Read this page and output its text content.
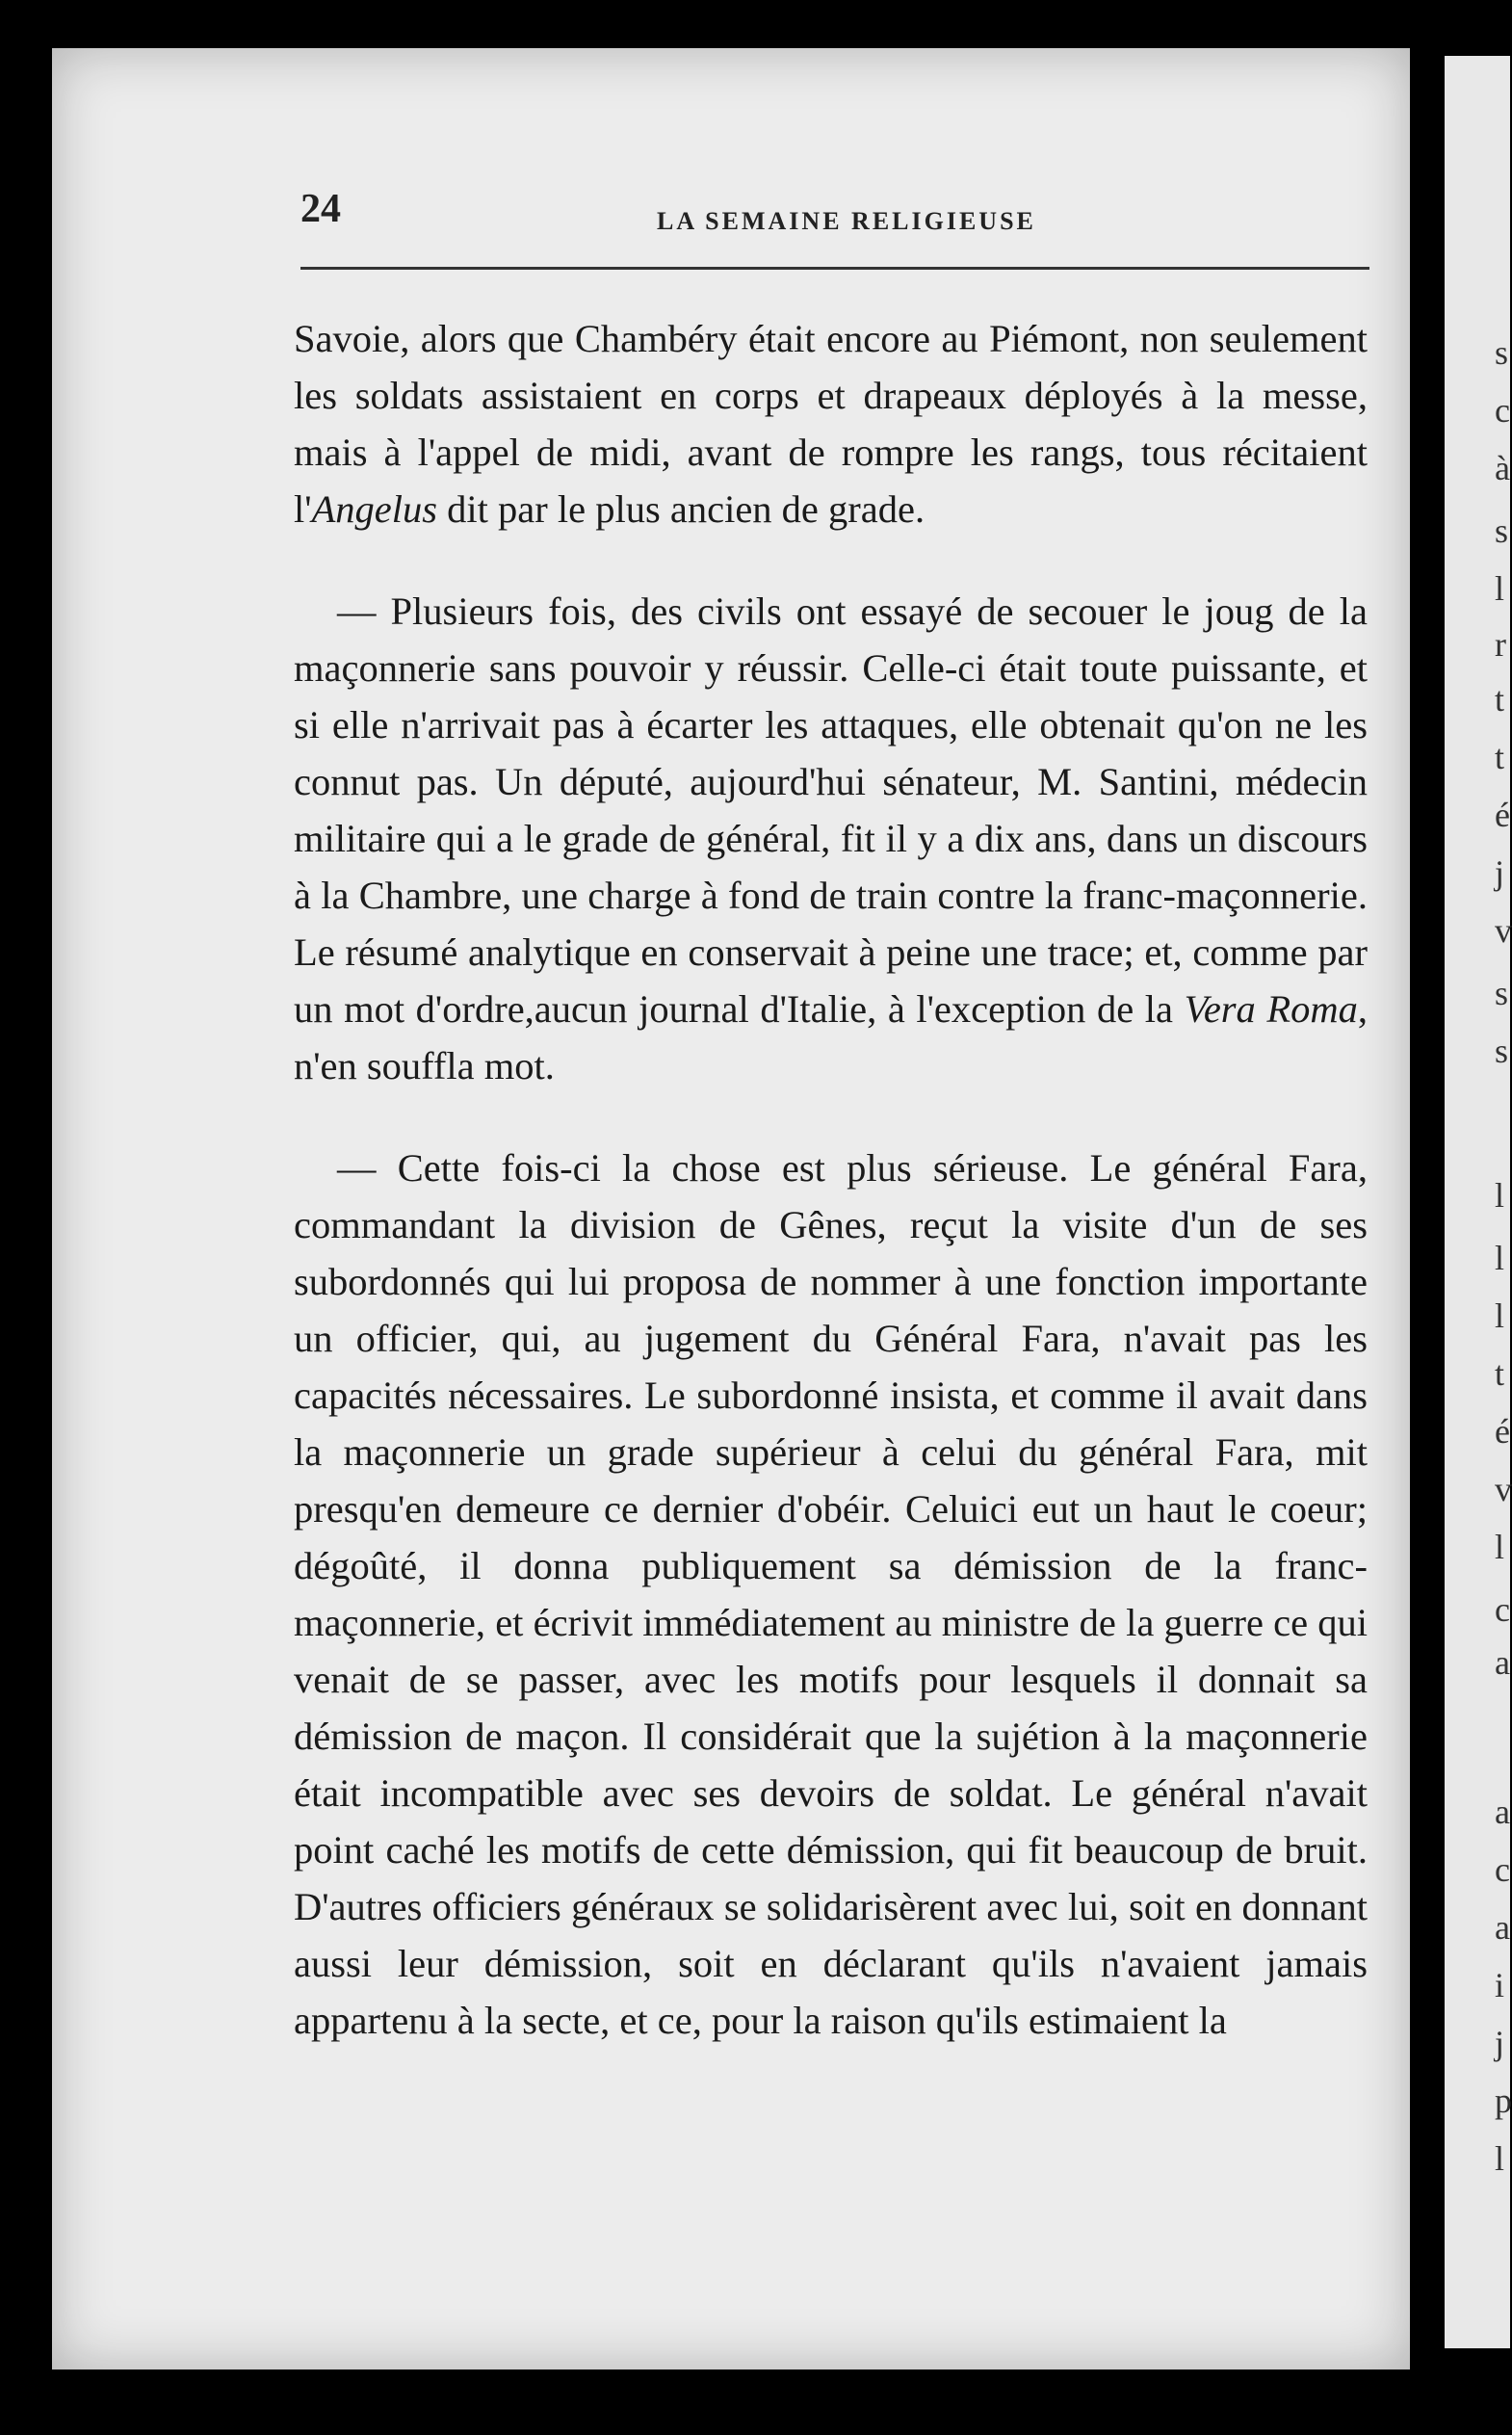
s
c
à
s
l
r
t
t
é
j
v
s
s
l
l
l
t
é
v
l
c
a
a
c
a
i
j
p
l
24	LA SEMAINE RELIGIEUSE

Savoie, alors que Chambéry était encore au Piémont, non seulement les soldats assistaient en corps et drapeaux déployés à la messe, mais à l'appel de midi, avant de rompre les rangs, tous récitaient l'Angelus dit par le plus ancien de grade.

— Plusieurs fois, des civils ont essayé de secouer le joug de la maçonnerie sans pouvoir y réussir. Celle-ci était toute puissante, et si elle n'arrivait pas à écarter les attaques, elle obtenait qu'on ne les connut pas. Un député, aujourd'hui sénateur, M. Santini, médecin militaire qui a le grade de général, fit il y a dix ans, dans un discours à la Chambre, une charge à fond de train contre la franc-maçonnerie. Le résumé analytique en conservait à peine une trace; et, comme par un mot d'ordre,aucun journal d'Italie, à l'exception de la Vera Roma, n'en souffla mot.

— Cette fois-ci la chose est plus sérieuse. Le général Fara, commandant la division de Gênes, reçut la visite d'un de ses subordonnés qui lui proposa de nommer à une fonction importante un officier, qui, au jugement du Général Fara, n'avait pas les capacités nécessaires. Le subordonné insista, et comme il avait dans la maçonnerie un grade supérieur à celui du général Fara, mit presqu'en demeure ce dernier d'obéir. Celuici eut un haut le coeur; dégoûté, il donna publiquement sa démission de la franc-maçonnerie, et écrivit immédiatement au ministre de la guerre ce qui venait de se passer, avec les motifs pour lesquels il donnait sa démission de maçon. Il considérait que la sujétion à la maçonnerie était incompatible avec ses devoirs de soldat. Le général n'avait point caché les motifs de cette démission, qui fit beaucoup de bruit. D'autres officiers généraux se solidarisèrent avec lui, soit en donnant aussi leur démission, soit en déclarant qu'ils n'avaient jamais appartenu à la secte, et ce, pour la raison qu'ils estimaient la
